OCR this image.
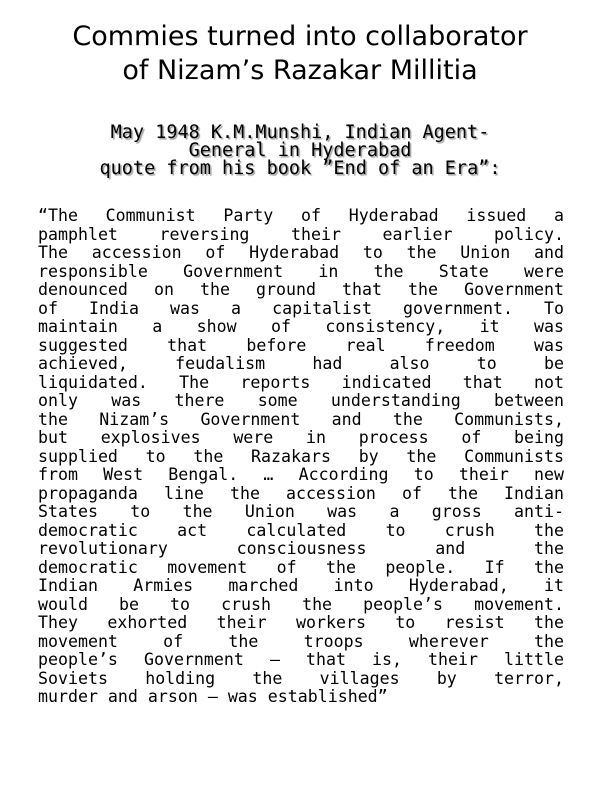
Commies turned into collaborator
of Nizam’s Razakar Millitia
May 1948 K.M.Munshi, Indian Agent-
General in Hyderabad
quote from his book ”End of an Era”:
“The Communist Party of Hyderabad issued a
pamphlet reversing their earlier policy.
The accession of Hyderabad to the Union and
responsible Government in the State were
denounced on the ground that the Government
of India was a capitalist government. To
maintain a show of consistency, it was
suggested that before real freedom was
achieved, feudalism had also to be
liquidated. The reports indicated that not
only was there some understanding between
the Nizam’s Government and the Communists,
but explosives were in process of being
supplied to the Razakars by the Communists
from West Bengal. … According to their new
propaganda line the accession of the Indian
States to the Union was a gross anti-
democratic act calculated to crush the
revolutionary consciousness and the
democratic movement of the people. If the
Indian Armies marched into Hyderabad, it
would be to crush the people’s movement.
They exhorted their workers to resist the
movement of the troops wherever the
people’s Government – that is, their little
Soviets holding the villages by terror,
murder and arson – was established”
